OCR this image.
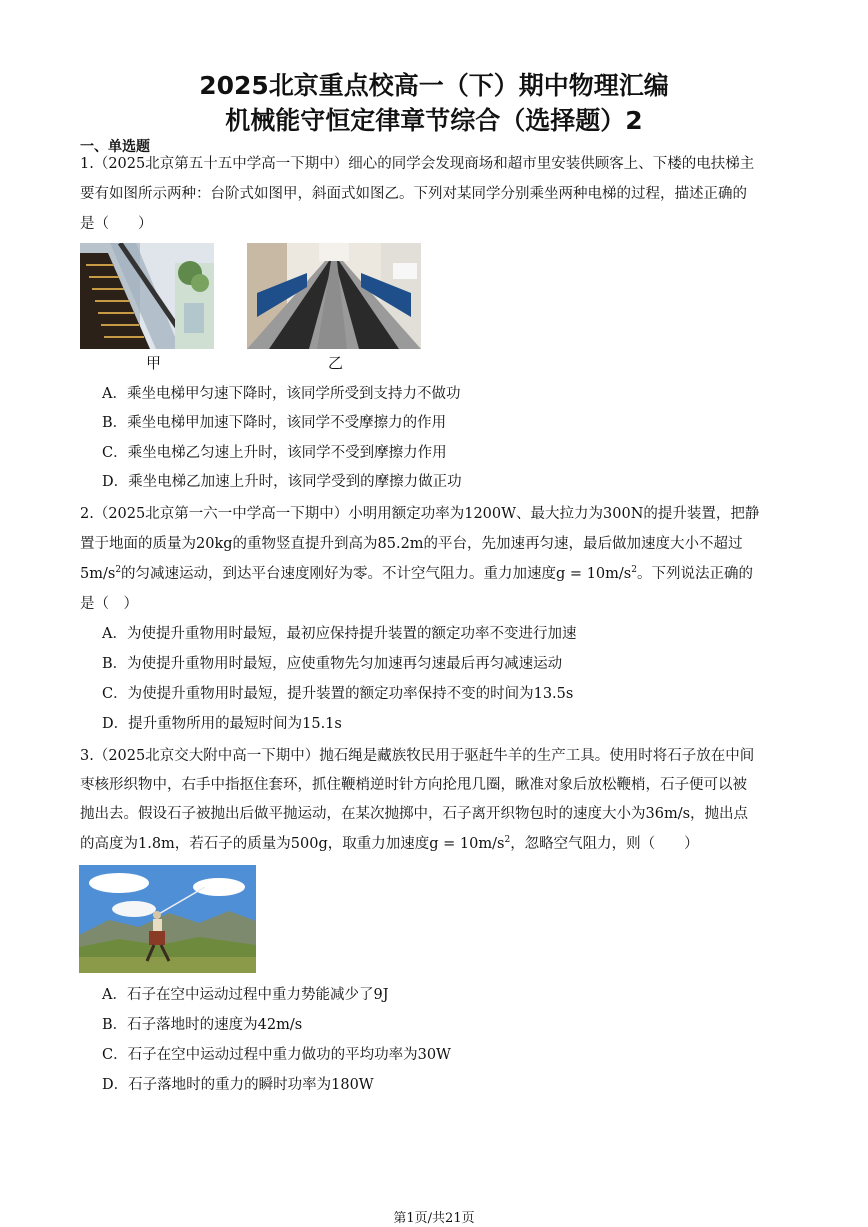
2025北京重点校高一（下）期中物理汇编
机械能守恒定律章节综合（选择题）2
一、单选题
1.（2025北京第五十五中学高一下期中）细心的同学会发现商场和超市里安装供顾客上、下楼的电扶梯主
要有如图所示两种：台阶式如图甲，斜面式如图乙。下列对某同学分别乘坐两种电梯的过程，描述正确的
是（　　）
甲	乙
A．乘坐电梯甲匀速下降时，该同学所受到支持力不做功
B．乘坐电梯甲加速下降时，该同学不受摩擦力的作用
C．乘坐电梯乙匀速上升时，该同学不受到摩擦力作用
D．乘坐电梯乙加速上升时，该同学受到的摩擦力做正功
2.（2025北京第一六一中学高一下期中）小明用额定功率为1200W、最大拉力为300N的提升装置，把静
置于地面的质量为20kg的重物竖直提升到高为85.2m的平台，先加速再匀速，最后做加速度大小不超过
$5m/s^2$的匀减速运动，到达平台速度刚好为零。不计空气阻力。重力加速度$g = 10m/s^2$。下列说法正确的
是（　）
A．为使提升重物用时最短，最初应保持提升装置的额定功率不变进行加速
B．为使提升重物用时最短，应使重物先匀加速再匀速最后再匀减速运动
C．为使提升重物用时最短，提升装置的额定功率保持不变的时间为13.5s
D．提升重物所用的最短时间为15.1s
3.（2025北京交大附中高一下期中）抛石绳是藏族牧民用于驱赶牛羊的生产工具。使用时将石子放在中间
枣核形织物中，右手中指抠住套环，抓住鞭梢逆时针方向抡甩几圈，瞅准对象后放松鞭梢，石子便可以被
抛出去。假设石子被抛出后做平抛运动，在某次抛掷中，石子离开织物包时的速度大小为36m/s，抛出点
的高度为1.8m，若石子的质量为500g，取重力加速度$g = 10m/s^2$，忽略空气阻力，则（　　）
A．石子在空中运动过程中重力势能减少了9J
B．石子落地时的速度为42m/s
C．石子在空中运动过程中重力做功的平均功率为30W
D．石子落地时的重力的瞬时功率为180W
第1页/共21页
